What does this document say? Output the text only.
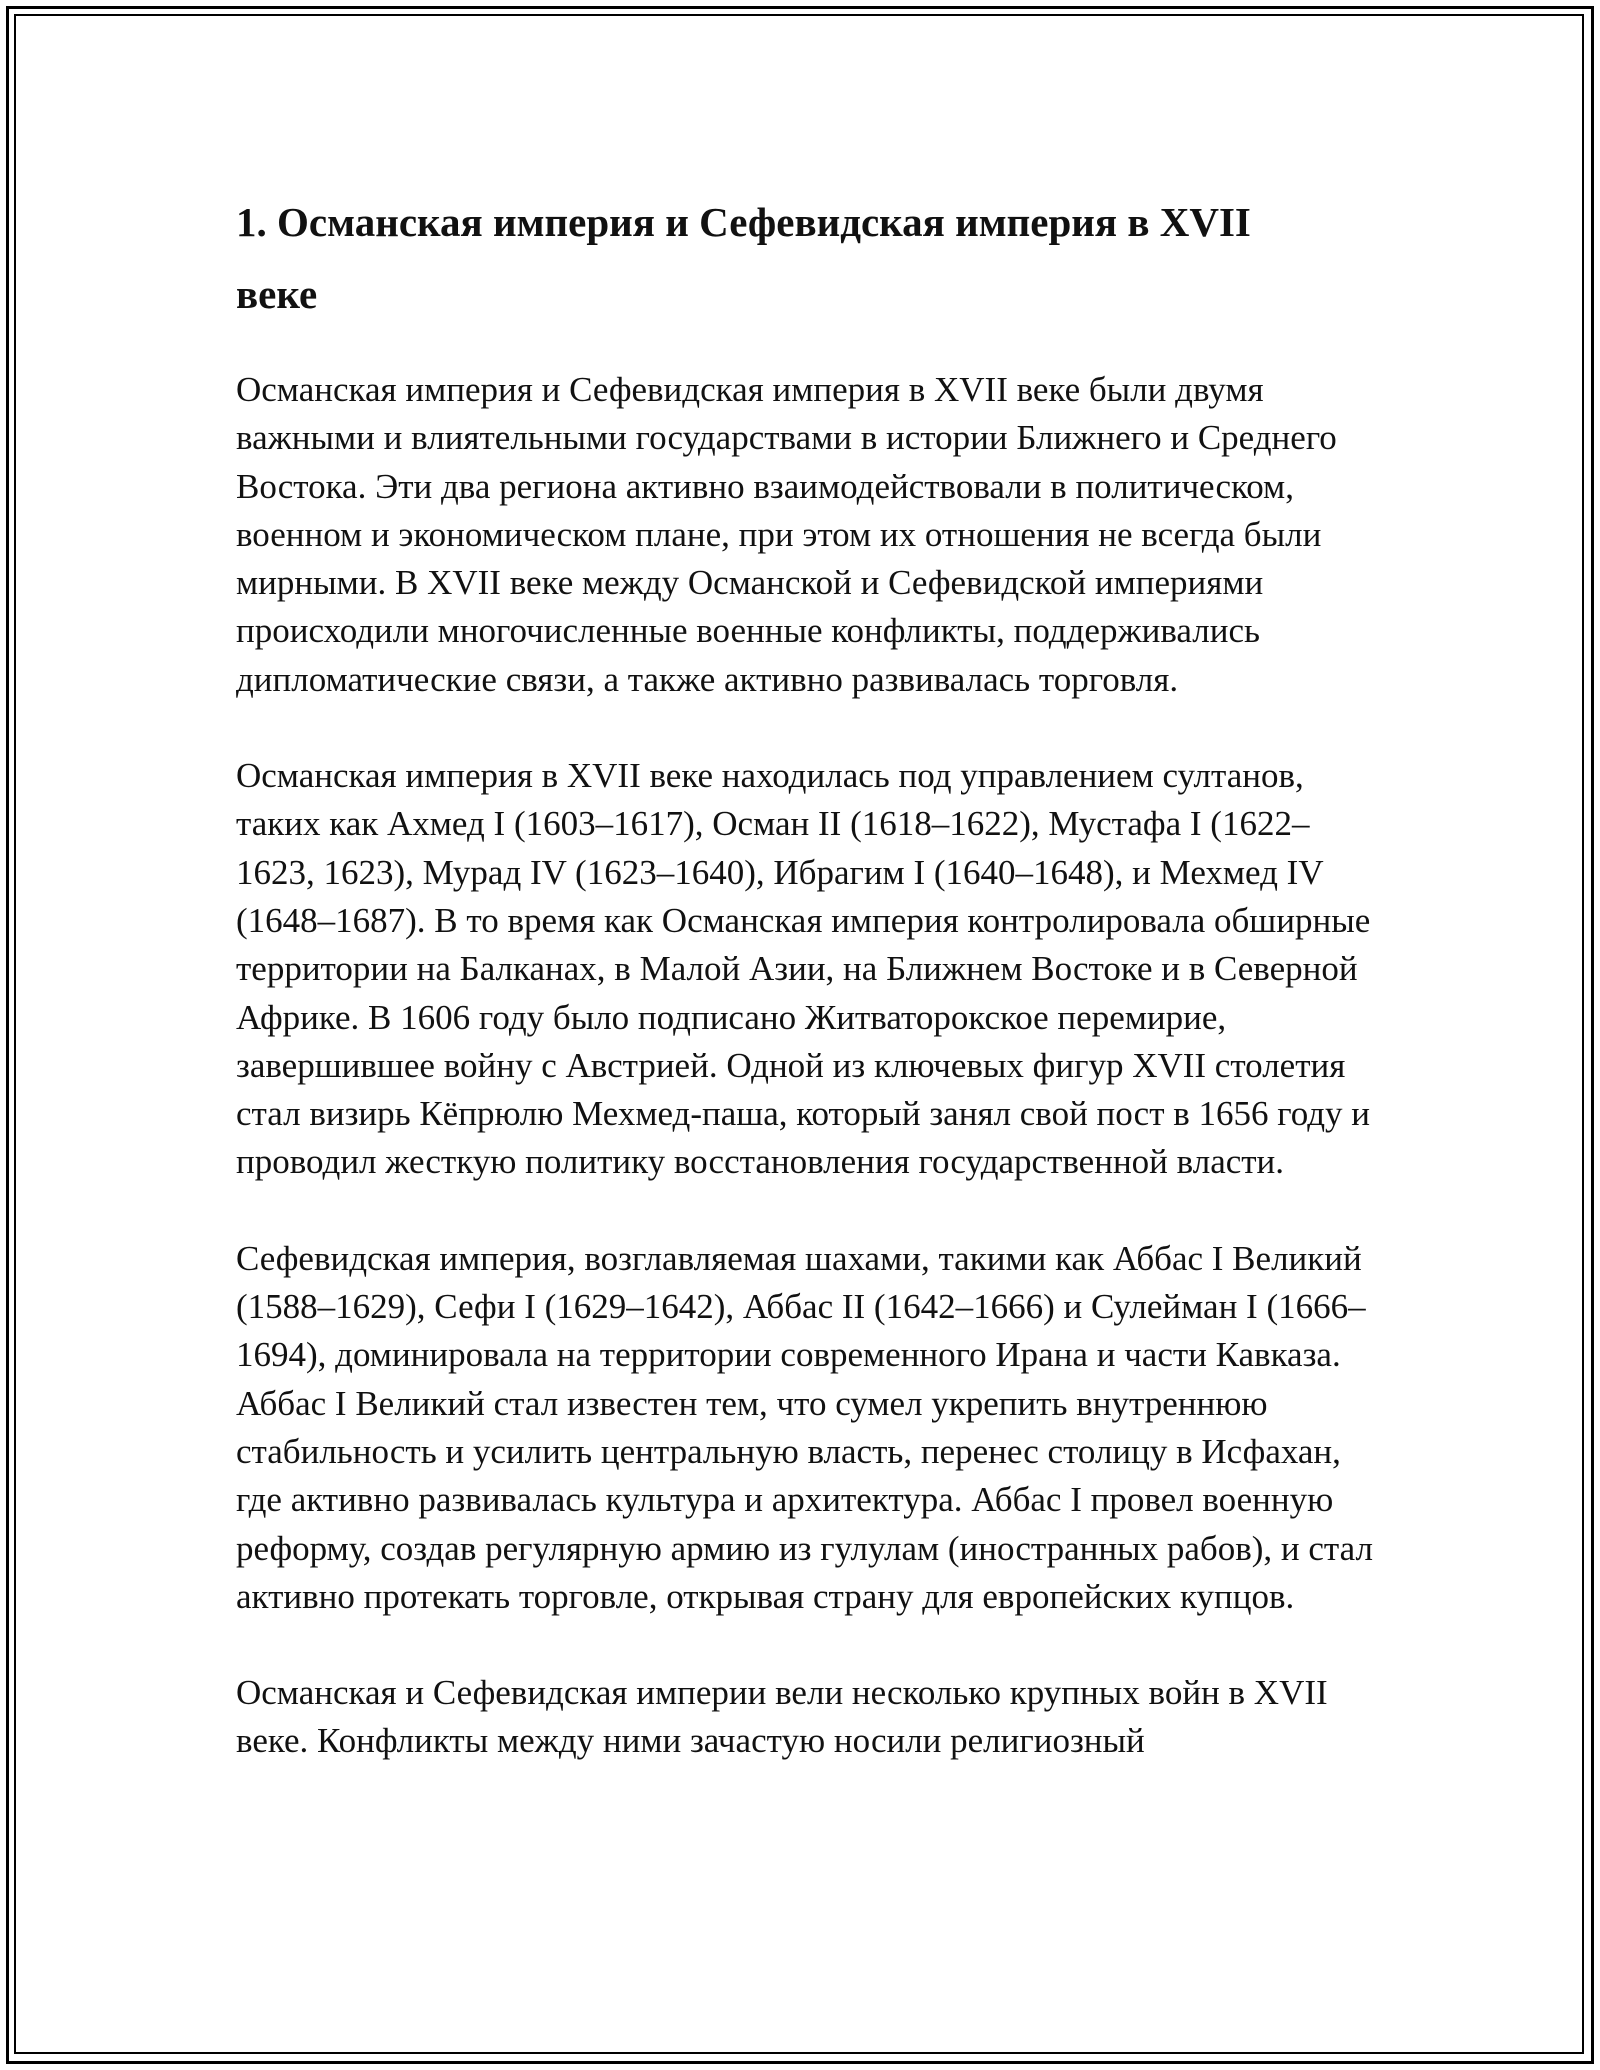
1. Османская империя и Сефевидская империя в XVII веке

Османская империя и Сефевидская империя в XVII веке были двумя важными и влиятельными государствами в истории Ближнего и Среднего Востока. Эти два региона активно взаимодействовали в политическом, военном и экономическом плане, при этом их отношения не всегда были мирными. В XVII веке между Османской и Сефевидской империями происходили многочисленные военные конфликты, поддерживались дипломатические связи, а также активно развивалась торговля.

Османская империя в XVII веке находилась под управлением султанов, таких как Ахмед I (1603–1617), Осман II (1618–1622), Мустафа I (1622–1623, 1623), Мурад IV (1623–1640), Ибрагим I (1640–1648), и Мехмед IV (1648–1687). В то время как Османская империя контролировала обширные территории на Балканах, в Малой Азии, на Ближнем Востоке и в Северной Африке. В 1606 году было подписано Житваторокское перемирие, завершившее войну с Австрией. Одной из ключевых фигур XVII столетия стал визирь Кёпрюлю Мехмед-паша, который занял свой пост в 1656 году и проводил жесткую политику восстановления государственной власти.

Сефевидская империя, возглавляемая шахами, такими как Аббас I Великий (1588–1629), Сефи I (1629–1642), Аббас II (1642–1666) и Сулейман I (1666–1694), доминировала на территории современного Ирана и части Кавказа. Аббас I Великий стал известен тем, что сумел укрепить внутреннюю стабильность и усилить центральную власть, перенес столицу в Исфахан, где активно развивалась культура и архитектура. Аббас I провел военную реформу, создав регулярную армию из гулулам (иностранных рабов), и стал активно протекать торговле, открывая страну для европейских купцов.

Османская и Сефевидская империи вели несколько крупных войн в XVII веке. Конфликты между ними зачастую носили религиозный
